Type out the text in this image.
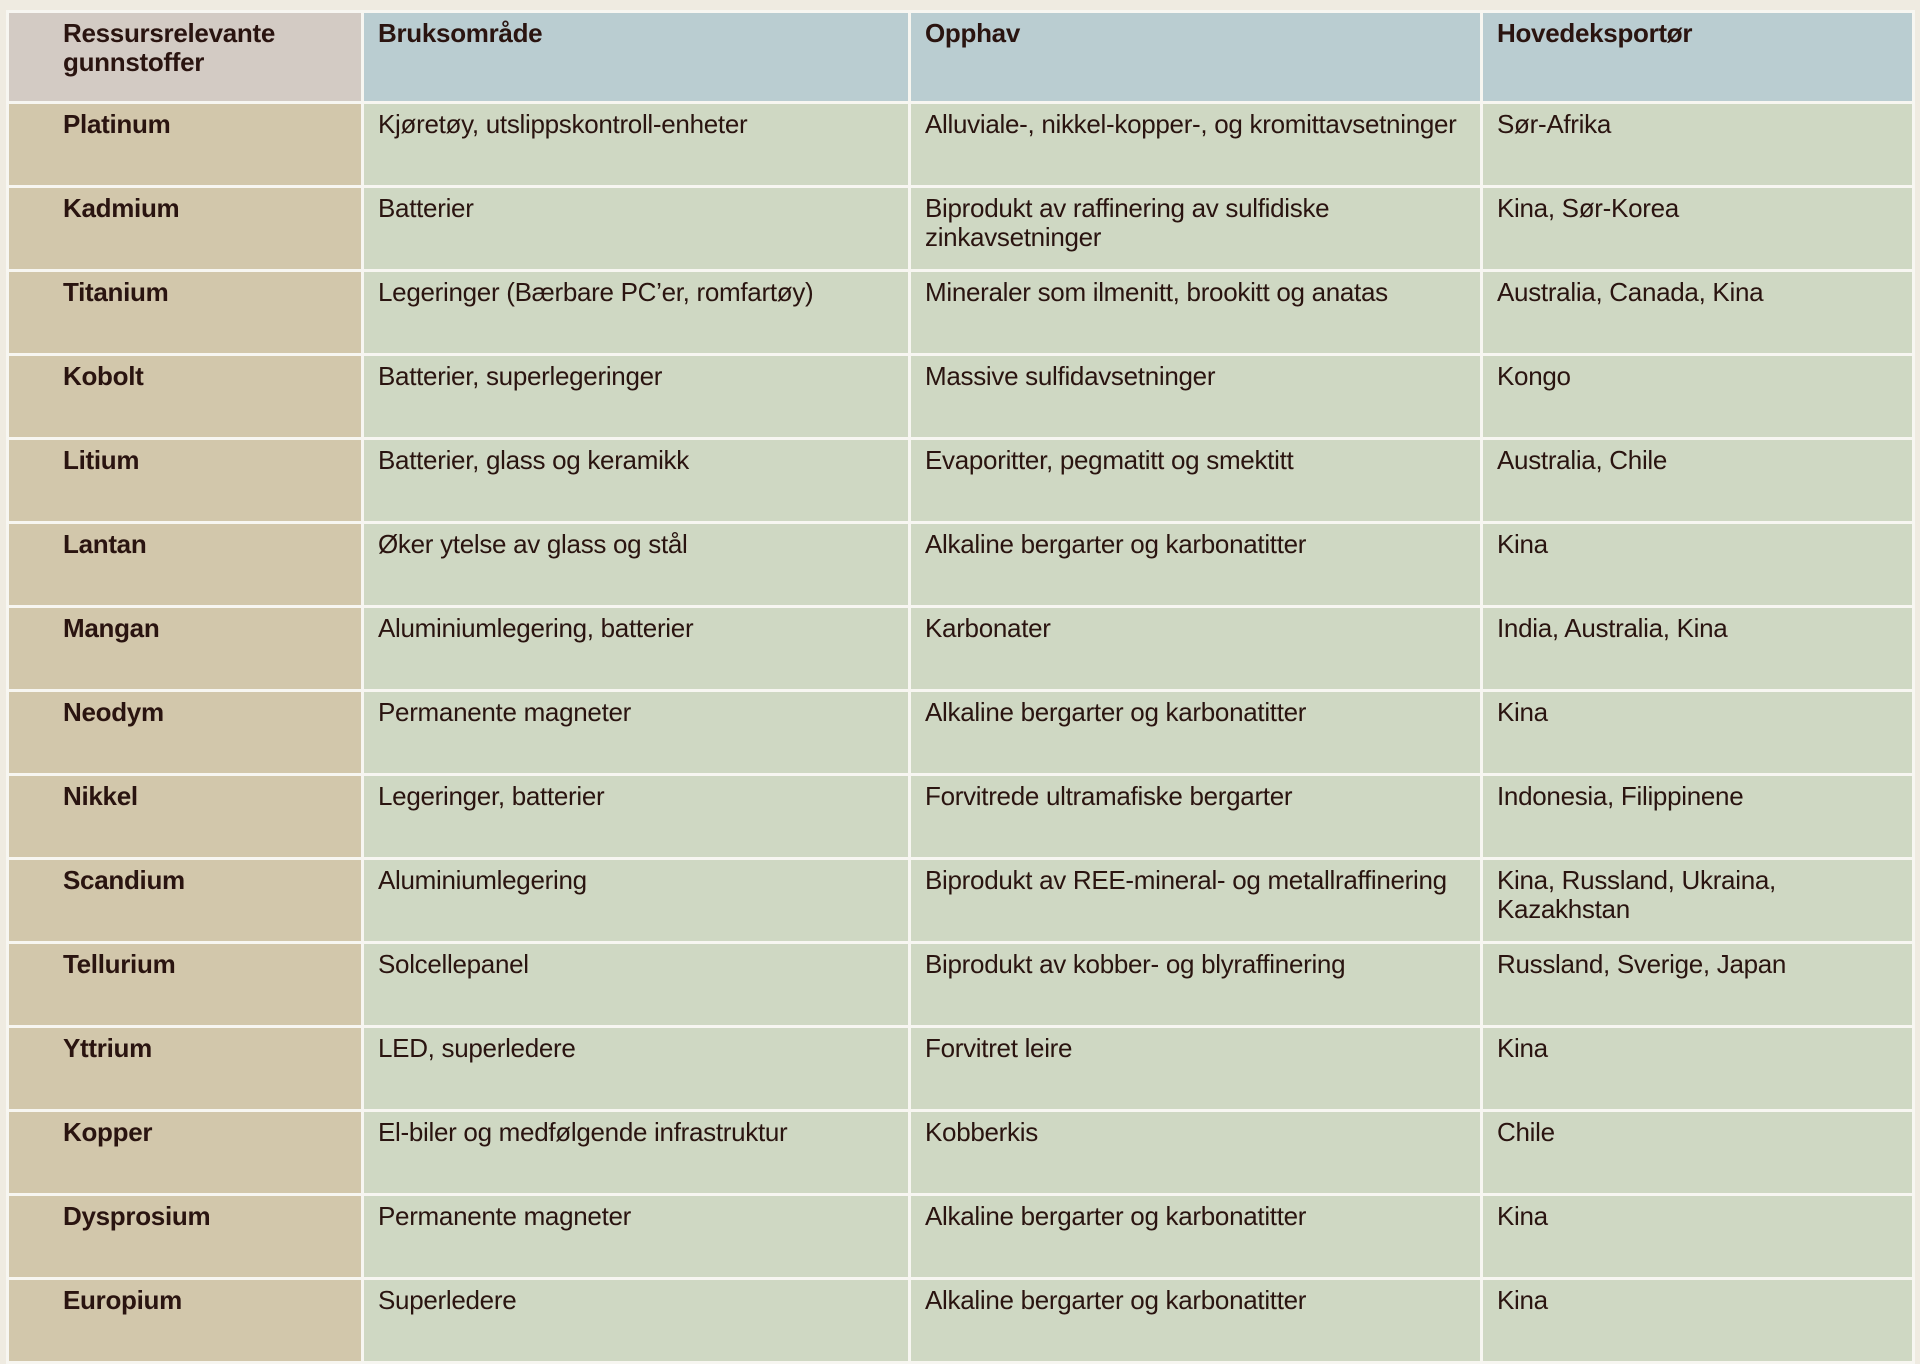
Ressursrelevante gunnstoffer	Bruksområde	Opphav	Hovedeksportør
Platinum	Kjøretøy, utslippskontroll-enheter	Alluviale-, nikkel-kopper-, og kromittavsetninger	Sør-Afrika
Kadmium	Batterier	Biprodukt av raffinering av sulfidiske zinkavsetninger	Kina, Sør-Korea
Titanium	Legeringer (Bærbare PC’er, romfartøy)	Mineraler som ilmenitt, brookitt og anatas	Australia, Canada, Kina
Kobolt	Batterier, superlegeringer	Massive sulfidavsetninger	Kongo
Litium	Batterier, glass og keramikk	Evaporitter, pegmatitt og smektitt	Australia, Chile
Lantan	Øker ytelse av glass og stål	Alkaline bergarter og karbonatitter	Kina
Mangan	Aluminiumlegering, batterier	Karbonater	India, Australia, Kina
Neodym	Permanente magneter	Alkaline bergarter og karbonatitter	Kina
Nikkel	Legeringer, batterier	Forvitrede ultramafiske bergarter	Indonesia, Filippinene
Scandium	Aluminiumlegering	Biprodukt av REE-mineral- og metallraffinering	Kina, Russland, Ukraina, Kazakhstan
Tellurium	Solcellepanel	Biprodukt av kobber- og blyraffinering	Russland, Sverige, Japan
Yttrium	LED, superledere	Forvitret leire	Kina
Kopper	El-biler og medfølgende infrastruktur	Kobberkis	Chile
Dysprosium	Permanente magneter	Alkaline bergarter og karbonatitter	Kina
Europium	Superledere	Alkaline bergarter og karbonatitter	Kina
